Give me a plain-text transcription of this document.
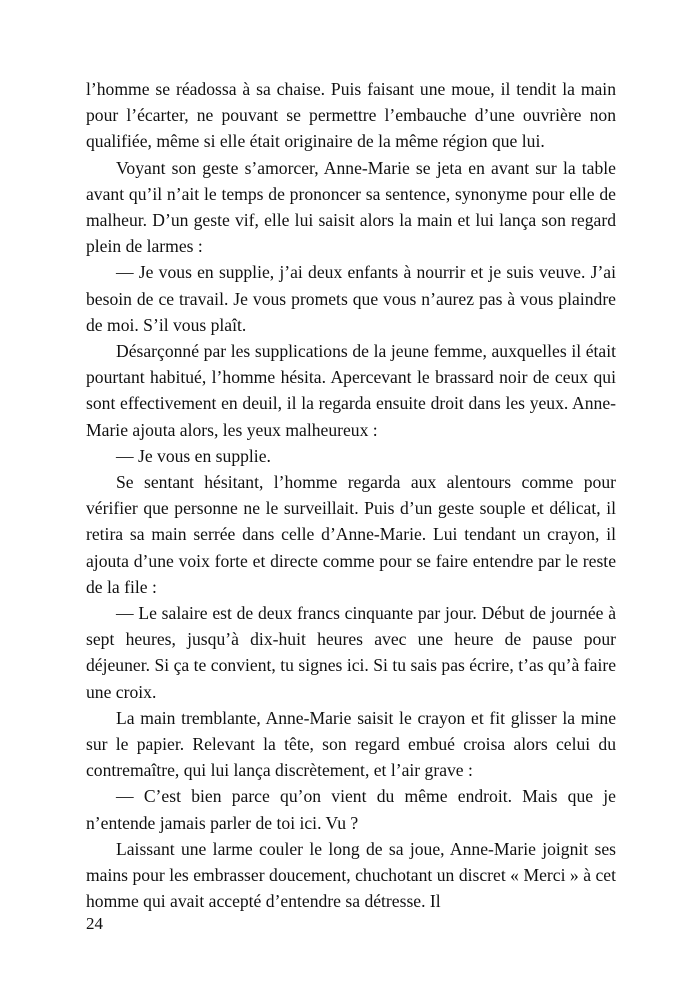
l’homme se réadossa à sa chaise. Puis faisant une moue, il tendit la main pour l’écarter, ne pouvant se permettre l’embauche d’une ouvrière non qualifiée, même si elle était originaire de la même région que lui.

Voyant son geste s’amorcer, Anne-Marie se jeta en avant sur la table avant qu’il n’ait le temps de prononcer sa sentence, synonyme pour elle de malheur. D’un geste vif, elle lui saisit alors la main et lui lança son regard plein de larmes :

— Je vous en supplie, j’ai deux enfants à nourrir et je suis veuve. J’ai besoin de ce travail. Je vous promets que vous n’aurez pas à vous plaindre de moi. S’il vous plaît.

Désarçonné par les supplications de la jeune femme, auxquelles il était pourtant habitué, l’homme hésita. Apercevant le brassard noir de ceux qui sont effectivement en deuil, il la regarda ensuite droit dans les yeux. Anne-Marie ajouta alors, les yeux malheureux :

— Je vous en supplie.

Se sentant hésitant, l’homme regarda aux alentours comme pour vérifier que personne ne le surveillait. Puis d’un geste souple et délicat, il retira sa main serrée dans celle d’Anne-Marie. Lui tendant un crayon, il ajouta d’une voix forte et directe comme pour se faire entendre par le reste de la file :

— Le salaire est de deux francs cinquante par jour. Début de journée à sept heures, jusqu’à dix-huit heures avec une heure de pause pour déjeuner. Si ça te convient, tu signes ici. Si tu sais pas écrire, t’as qu’à faire une croix.

La main tremblante, Anne-Marie saisit le crayon et fit glisser la mine sur le papier. Relevant la tête, son regard embué croisa alors celui du contremaître, qui lui lança discrètement, et l’air grave :

— C’est bien parce qu’on vient du même endroit. Mais que je n’entende jamais parler de toi ici. Vu ?

Laissant une larme couler le long de sa joue, Anne-Marie joignit ses mains pour les embrasser doucement, chuchotant un discret « Merci » à cet homme qui avait accepté d’entendre sa détresse. Il

24
